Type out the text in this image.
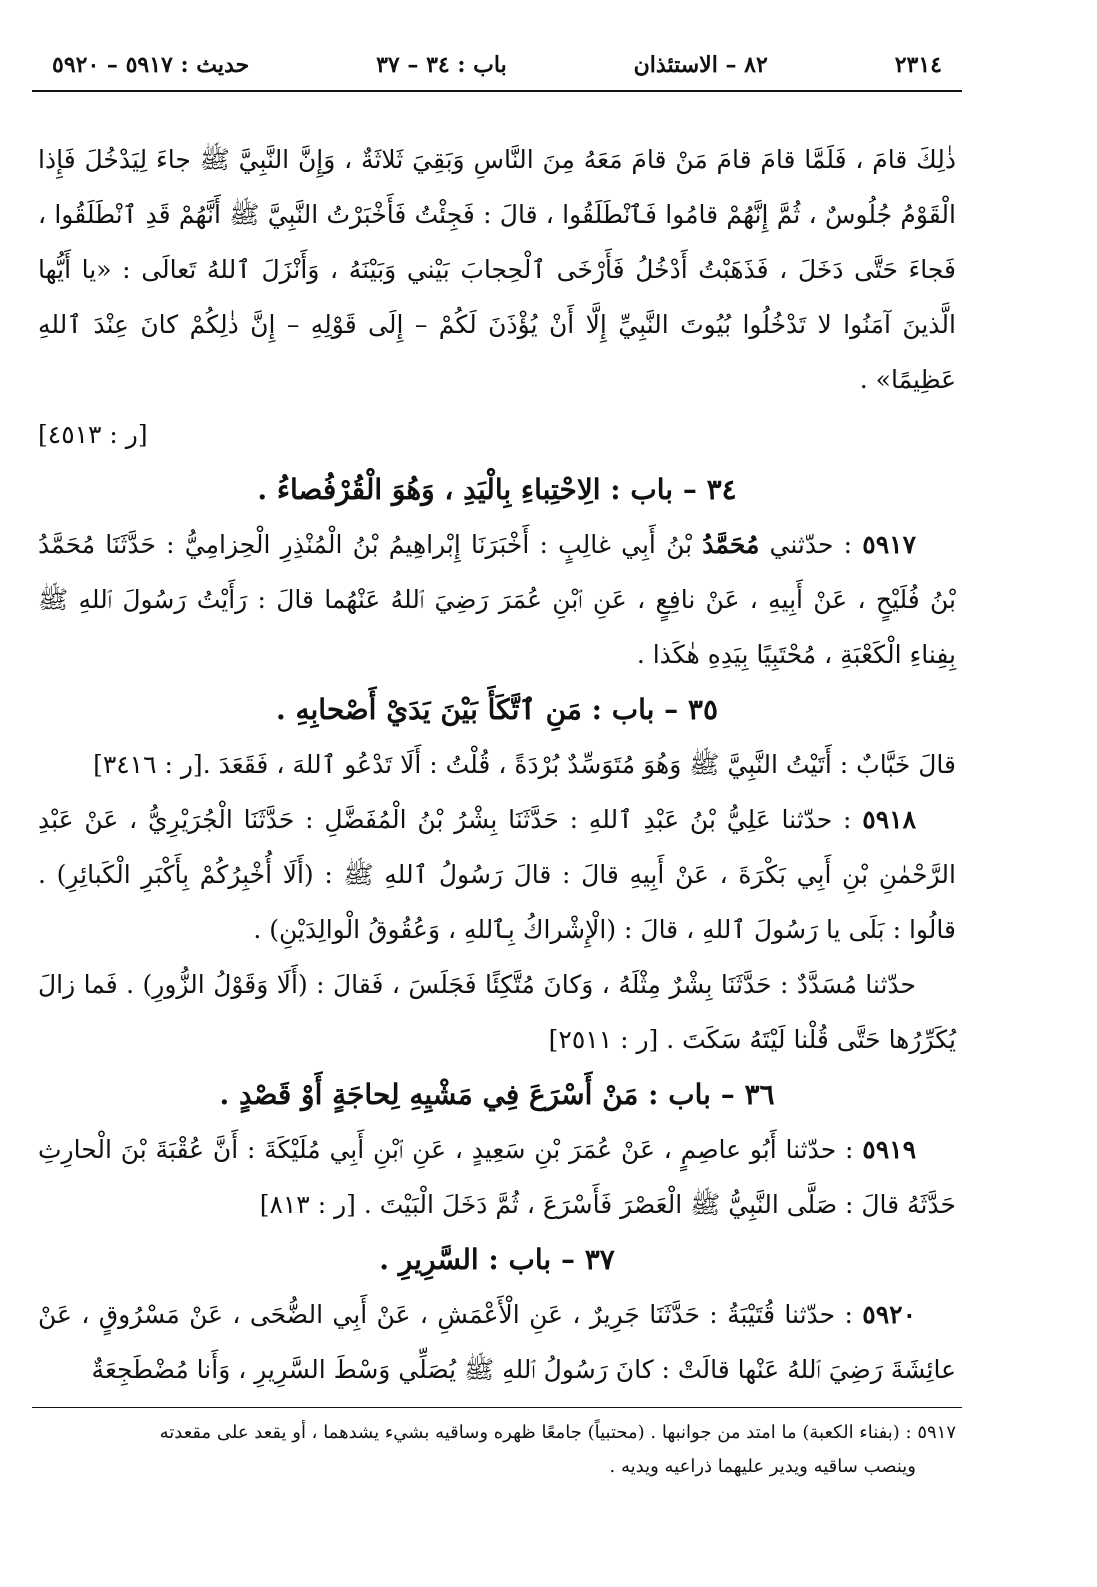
٢٣١٤
٨٢ – الاستئذان
باب : ٣٤ – ٣٧
حديث : ٥٩١٧ – ٥٩٢٠

ذٰلِكَ قامَ ، فَلَمَّا قامَ قامَ مَنْ قامَ مَعَهُ مِنَ النَّاسِ وَبَقِيَ ثَلاثَةٌ ، وَإِنَّ النَّبِيَّ ﷺ جاءَ لِيَدْخُلَ فَإِذا الْقَوْمُ جُلُوسٌ ، ثُمَّ إِنَّهُمْ قامُوا فَٱنْطَلَقُوا ، قالَ : فَجِئْتُ فَأَخْبَرْتُ النَّبِيَّ ﷺ أَنَّهُمْ قَدِ ٱنْطَلَقُوا ، فَجاءَ حَتَّى دَخَلَ ، فَذَهَبْتُ أَدْخُلُ فَأَرْخَى ٱلْحِجابَ بَيْني وَبَيْنَهُ ، وَأَنْزَلَ ٱللهُ تَعالَى : «يا أَيُّها الَّذينَ آمَنُوا لا تَدْخُلُوا بُيُوتَ النَّبِيِّ إِلَّا أَنْ يُؤْذَنَ لَكُمْ – إِلَى قَوْلِهِ – إِنَّ ذٰلِكُمْ كانَ عِنْدَ ٱللهِ عَظِيمًا» .
[ر : ٤٥١٣]

٣٤ – باب : الِاحْتِباءِ بِالْيَدِ ، وَهُوَ الْقُرْفُصاءُ .

٥٩١٧ : حدّثني مُحَمَّدُ بْنُ أَبِي غالِبٍ : أَخْبَرَنَا إِبْراهِيمُ بْنُ الْمُنْذِرِ الْحِزامِيُّ : حَدَّثَنَا مُحَمَّدُ بْنُ فُلَيْحٍ ، عَنْ أَبِيهِ ، عَنْ نافِعٍ ، عَنِ ٱبْنِ عُمَرَ رَضِيَ ٱللهُ عَنْهُما قالَ : رَأَيْتُ رَسُولَ ٱللهِ ﷺ بِفِناءِ الْكَعْبَةِ ، مُحْتَبِيًا بِيَدِهِ هٰكَذا .

٣٥ – باب : مَنِ ٱتَّكَأَ بَيْنَ يَدَيْ أَصْحابِهِ .

قالَ خَبَّابٌ : أَتَيْتُ النَّبِيَّ ﷺ وَهُوَ مُتَوَسِّدٌ بُرْدَةً ، قُلْتُ : أَلَا تَدْعُو ٱللهَ ، فَقَعَدَ .[ر : ٣٤١٦]

٥٩١٨ : حدّثنا عَلِيُّ بْنُ عَبْدِ ٱللهِ : حَدَّثَنَا بِشْرُ بْنُ الْمُفَضَّلِ : حَدَّثَنَا الْجُرَيْرِيُّ ، عَنْ عَبْدِ الرَّحْمٰنِ بْنِ أَبِي بَكْرَةَ ، عَنْ أَبِيهِ قالَ : قالَ رَسُولُ ٱللهِ ﷺ : (أَلَا أُخْبِرُكُمْ بِأَكْبَرِ الْكَبائِرِ) . قالُوا : بَلَى يا رَسُولَ ٱللهِ ، قالَ : (الْإِشْراكُ بِٱللهِ ، وَعُقُوقُ الْوالِدَيْنِ) .

حدّثنا مُسَدَّدٌ : حَدَّثَنَا بِشْرٌ مِثْلَهُ ، وَكانَ مُتَّكِئًا فَجَلَسَ ، فَقالَ : (أَلَا وَقَوْلُ الزُّورِ) . فَما زالَ يُكَرِّرُها حَتَّى قُلْنا لَيْتَهُ سَكَتَ . [ر : ٢٥١١]

٣٦ – باب : مَنْ أَسْرَعَ فِي مَشْيِهِ لِحاجَةٍ أَوْ قَصْدٍ .

٥٩١٩ : حدّثنا أَبُو عاصِمٍ ، عَنْ عُمَرَ بْنِ سَعِيدٍ ، عَنِ ٱبْنِ أَبِي مُلَيْكَةَ : أَنَّ عُقْبَةَ بْنَ الْحارِثِ حَدَّثَهُ قالَ : صَلَّى النَّبِيُّ ﷺ الْعَصْرَ فَأَسْرَعَ ، ثُمَّ دَخَلَ الْبَيْتَ . [ر : ٨١٣]

٣٧ – باب : السَّرِيرِ .

٥٩٢٠ : حدّثنا قُتَيْبَةُ : حَدَّثَنَا جَرِيرٌ ، عَنِ الْأَعْمَشِ ، عَنْ أَبِي الضُّحَى ، عَنْ مَسْرُوقٍ ، عَنْ عائِشَةَ رَضِيَ ٱللهُ عَنْها قالَتْ : كانَ رَسُولُ ٱللهِ ﷺ يُصَلِّي وَسْطَ السَّرِيرِ ، وَأَنا مُضْطَجِعَةٌ

٥٩١٧ : (بفناء الكعبة) ما امتد من جوانبها . (محتبياً) جامعًا ظهره وساقيه بشيء يشدهما ، أو يقعد على مقعدته

وينصب ساقيه ويدير عليهما ذراعيه ويديه .
